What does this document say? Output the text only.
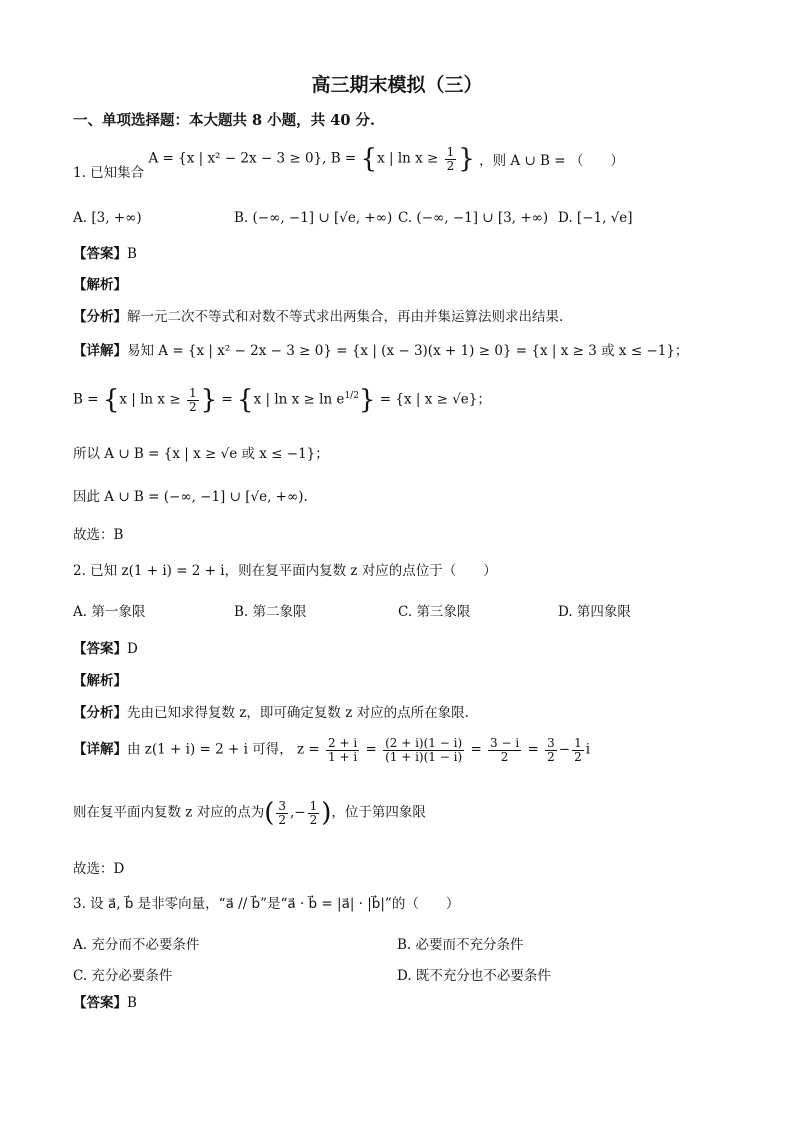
高三期末模拟（三）
一、单项选择题：本大题共 8 小题，共 40 分.
1. 已知集合 A = {x | x² − 2x − 3 ≥ 0}, B = {x | $\ln x \ge \frac{1}{2}$ } ，则 A ∪ B = （　　）
A. [3, +∞)	B. (−∞, −1] ∪ [√e, +∞) C. (−∞, −1] ∪ [3, +∞) D. [−1, √e]
【答案】B
【解析】
【分析】解一元二次不等式和对数不等式求出两集合，再由并集运算法则求出结果.
【详解】易知 A = {x | x² − 2x − 3 ≥ 0} = {x | (x − 3)(x + 1) ≥ 0} = {x | x ≥ 3 或 x ≤ −1}；
B = {x | $\ln x \ge \frac{1}{2}$ } = {x | $\ln x \ge \ln e^{1/2}\} = \{x$ | x ≥ √e}；
所以 A ∪ B = {x | x ≥ √e 或 x ≤ −1}；
因此 A ∪ B = (−∞, −1] ∪ [√e, +∞).
故选：B
2. 已知 z(1 + i) = 2 + i，则在复平面内复数 z 对应的点位于（　　）
A. 第一象限	B. 第二象限	C. 第三象限	D. 第四象限
【答案】D
【解析】
【分析】先由已知求得复数 z，即可确定复数 z 对应的点所在象限.
【详解】由 z(1 + i) = 2 + i 可得， $z = \frac{2 + i}{1 + i} = \frac{(2 + i)(1 - i)}{(1 + i)(1 - i)} = \frac{3 - i}{2} = \frac{3}{2} - \frac{1}{2}$ i
则在复平面内复数 z 对应的点为( $\frac{3}{2}$ ,− $\frac{1}{2}$ )，位于第四象限
故选：D
3. 设 a⃗, b⃗ 是非零向量，“a⃗ // b⃗”是“a⃗ · b⃗ = |a⃗| · |b⃗|”的（　　）
A. 充分而不必要条件	B. 必要而不充分条件
C. 充分必要条件	D. 既不充分也不必要条件
【答案】B
